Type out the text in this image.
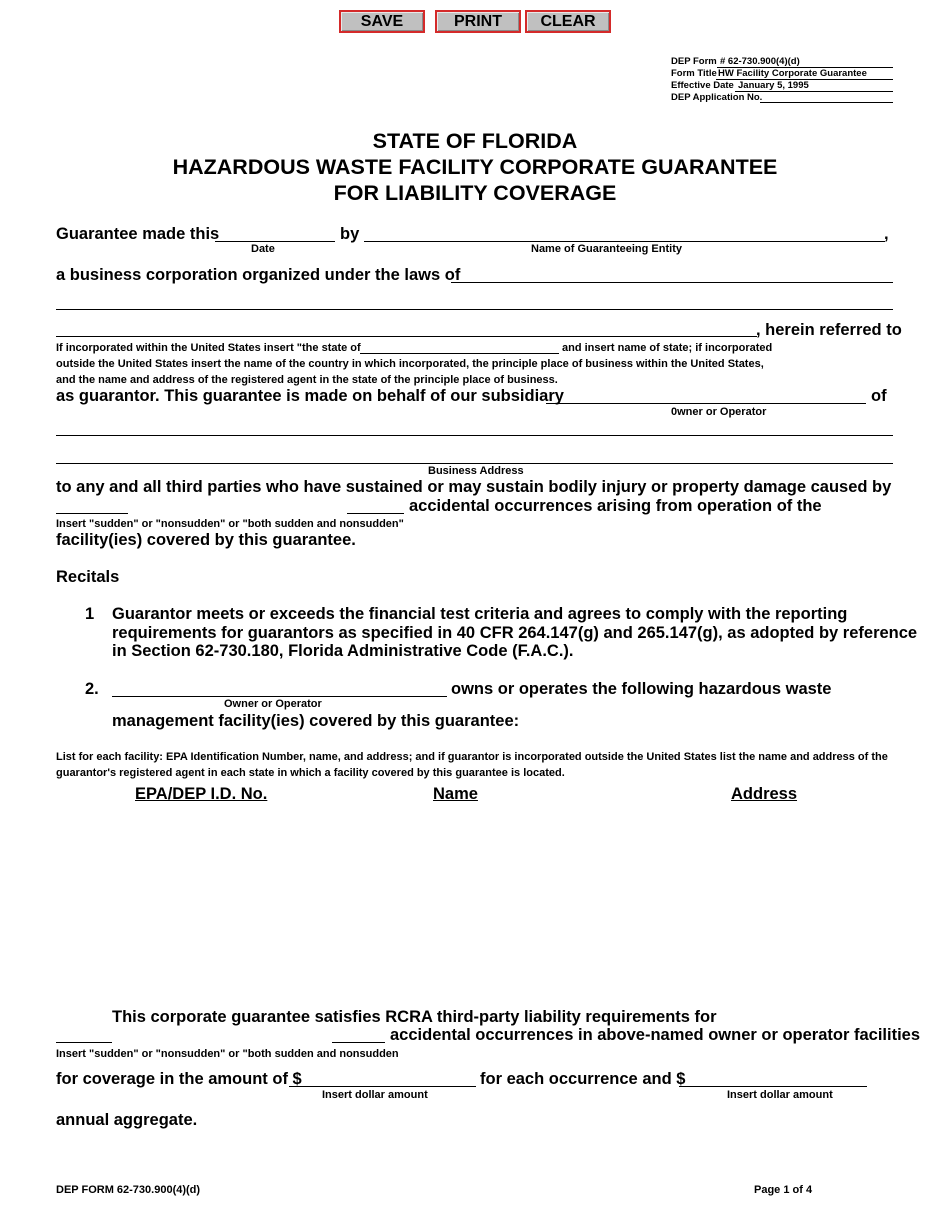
SAVE	PRINT	CLEAR
DEP Form # 62-730.900(4)(d)
Form Title HW Facility Corporate Guarantee
Effective Date January 5, 1995
DEP Application No.
STATE OF FLORIDA
HAZARDOUS WASTE FACILITY CORPORATE GUARANTEE
FOR LIABILITY COVERAGE
Guarantee made this	by	,
Date	Name of Guaranteeing Entity
a business corporation organized under the laws of
, herein referred to
If incorporated within the United States insert "the state of	and insert name of state; if incorporated
outside the United States insert the name of the country in which incorporated, the principle place of business within the United States,
and the name and address of the registered agent in the state of the principle place of business.
as guarantor. This guarantee is made on behalf of our subsidiary	of
0wner or Operator
Business Address
to any and all third parties who have sustained or may sustain bodily injury or property damage caused by
accidental occurrences arising from operation of the
Insert "sudden" or "nonsudden" or "both sudden and nonsudden"
facility(ies) covered by this guarantee.
Recitals
1 Guarantor meets or exceeds the financial test criteria and agrees to comply with the reporting
requirements for guarantors as specified in 40 CFR 264.147(g) and 265.147(g), as adopted by reference
in Section 62-730.180, Florida Administrative Code (F.A.C.).
2.	owns or operates the following hazardous waste
Owner or Operator
management facility(ies) covered by this guarantee:
List for each facility: EPA Identification Number, name, and address; and if guarantor is incorporated outside the United States list the name and address of the
guarantor's registered agent in each state in which a facility covered by this guarantee is located.
EPA/DEP I.D. No.	Name	Address
This corporate guarantee satisfies RCRA third-party liability requirements for
accidental occurrences in above-named owner or operator facilities
Insert "sudden" or "nonsudden" or "both sudden and nonsudden
for coverage in the amount of $	for each occurrence and $
Insert dollar amount	Insert dollar amount
annual aggregate.
DEP FORM 62-730.900(4)(d)	Page 1 of 4
